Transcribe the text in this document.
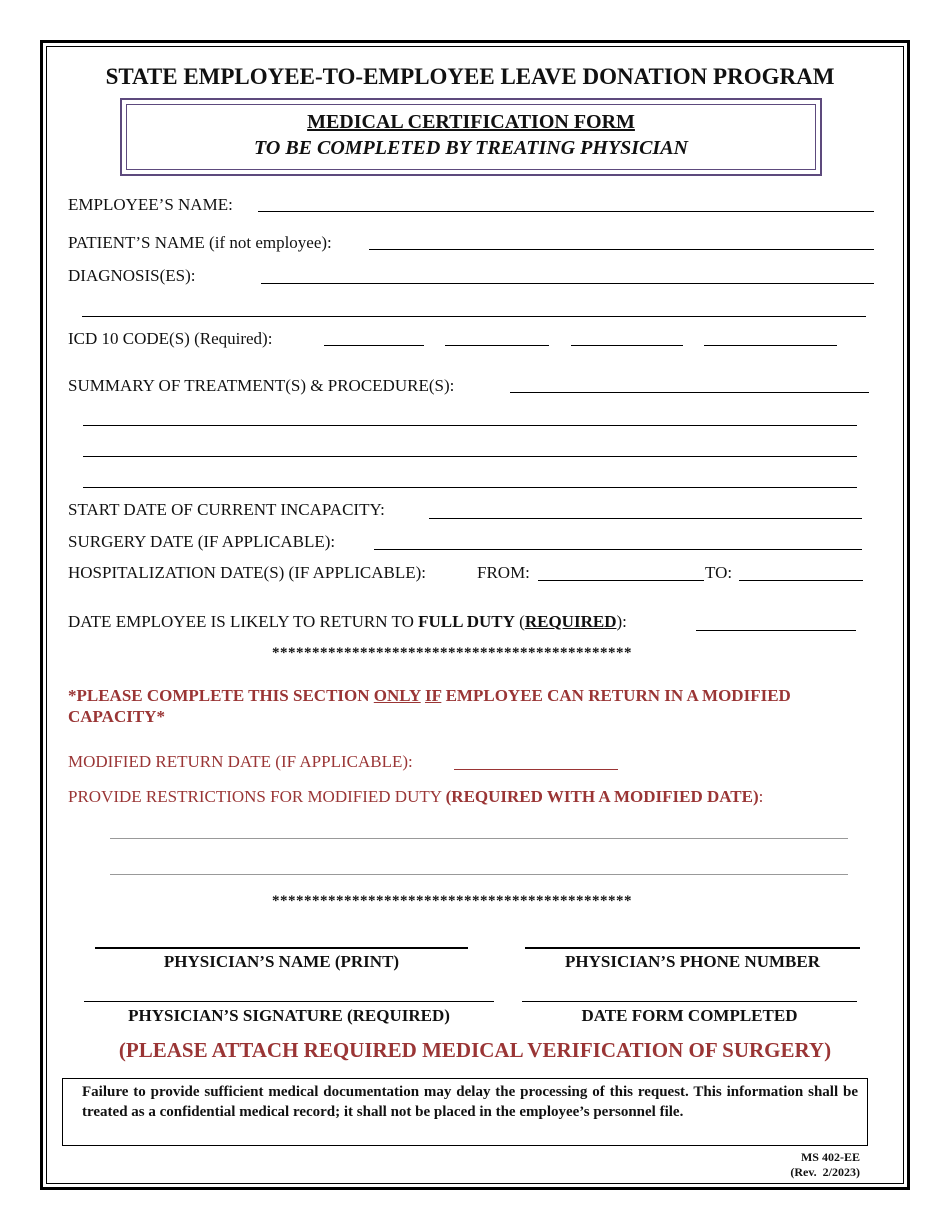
STATE EMPLOYEE-TO-EMPLOYEE LEAVE DONATION PROGRAM
MEDICAL CERTIFICATION FORM
TO BE COMPLETED BY TREATING PHYSICIAN
EMPLOYEE’S NAME:
PATIENT’S NAME (if not employee):
DIAGNOSIS(ES):
ICD 10 CODE(S) (Required):
SUMMARY OF TREATMENT(S) & PROCEDURE(S):
START DATE OF CURRENT INCAPACITY:
SURGERY DATE (IF APPLICABLE):
HOSPITALIZATION DATE(S) (IF APPLICABLE):	FROM:	TO:
DATE EMPLOYEE IS LIKELY TO RETURN TO FULL DUTY (REQUIRED):
*********************************************
*PLEASE COMPLETE THIS SECTION ONLY IF EMPLOYEE CAN RETURN IN A MODIFIED
CAPACITY*
MODIFIED RETURN DATE (IF APPLICABLE):
PROVIDE RESTRICTIONS FOR MODIFIED DUTY (REQUIRED WITH A MODIFIED DATE):
*********************************************
PHYSICIAN’S NAME (PRINT)	PHYSICIAN’S PHONE NUMBER
PHYSICIAN’S SIGNATURE (REQUIRED)	DATE FORM COMPLETED
(PLEASE ATTACH REQUIRED MEDICAL VERIFICATION OF SURGERY)
Failure to provide sufficient medical documentation may delay the processing of this request. This information shall be treated as a confidential medical record; it shall not be placed in the employee’s personnel file.
MS 402-EE
(Rev.  2/2023)
